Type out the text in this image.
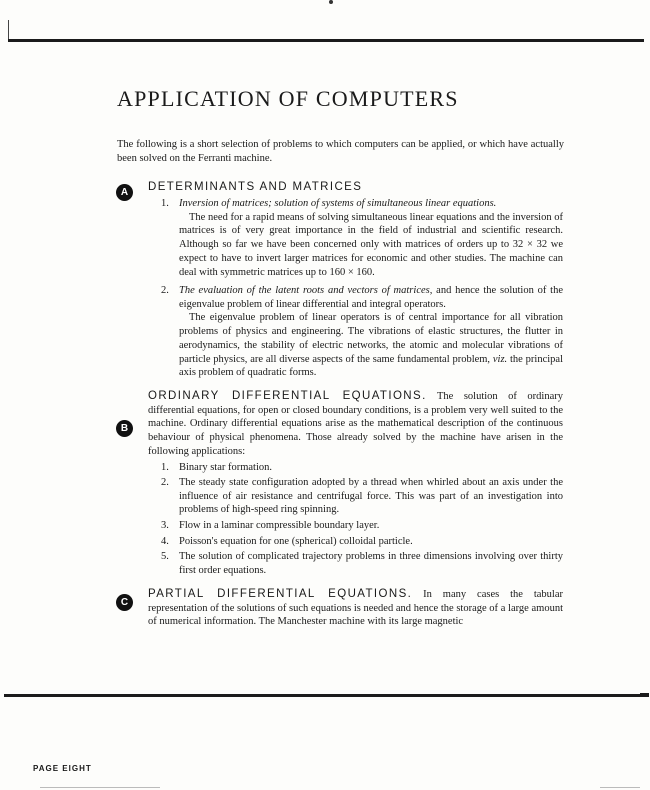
APPLICATION OF COMPUTERS

The following is a short selection of problems to which computers can be applied, or which have actually been solved on the Ferranti machine.

A	DETERMINANTS AND MATRICES
1. Inversion of matrices; solution of systems of simultaneous linear equations.

The need for a rapid means of solving simultaneous linear equations and the inversion of matrices is of very great importance in the field of industrial and scientific research. Although so far we have been concerned only with matrices of orders up to 32 × 32 we expect to have to invert larger matrices for economic and other studies. The machine can deal with symmetric matrices up to 160 × 160.

2. The evaluation of the latent roots and vectors of matrices, and hence the solution of the eigenvalue problem of linear differential and integral operators.

The eigenvalue problem of linear operators is of central importance for all vibration problems of physics and engineering. The vibrations of elastic structures, the flutter in aerodynamics, the stability of electric networks, the atomic and molecular vibrations of particle physics, are all diverse aspects of the same fundamental problem, viz. the principal axis problem of quadratic forms.

B

ORDINARY DIFFERENTIAL EQUATIONS. The solution of ordinary differential equations, for open or closed boundary conditions, is a problem very well suited to the machine. Ordinary differential equations arise as the mathematical description of the continuous behaviour of physical phenomena. Those already solved by the machine have arisen in the following applications:

1. Binary star formation.

2. The steady state configuration adopted by a thread when whirled about an axis under the influence of air resistance and centrifugal force. This was part of an investigation into problems of high-speed ring spinning.

3. Flow in a laminar compressible boundary layer.

4. Poisson's equation for one (spherical) colloidal particle.

5. The solution of complicated trajectory problems in three dimensions involving over thirty first order equations.

C

PARTIAL DIFFERENTIAL EQUATIONS. In many cases the tabular representation of the solutions of such equations is needed and hence the storage of a large amount of numerical information. The Manchester machine with its large magnetic

PAGE EIGHT
